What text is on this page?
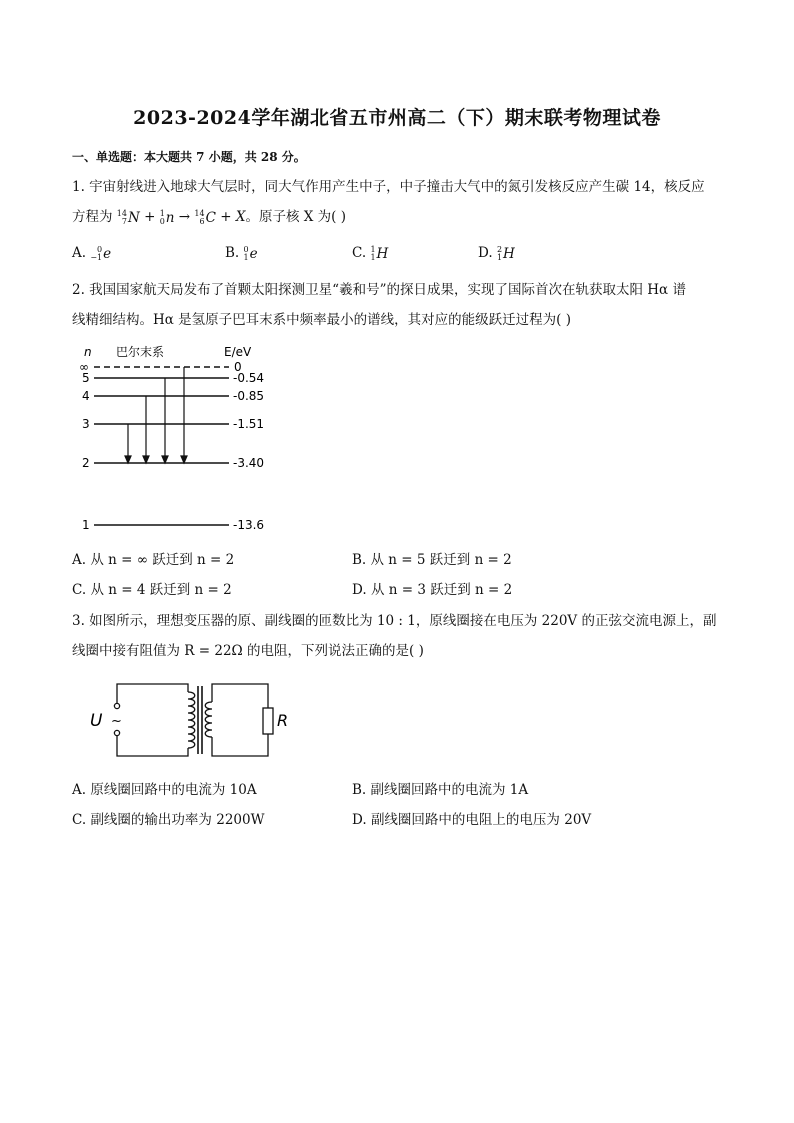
2023-2024学年湖北省五市州高二（下）期末联考物理试卷
一、单选题：本大题共 7 小题，共 28 分。
1. 宇宙射线进入地球大气层时，同大气作用产生中子，中子撞击大气中的氮引发核反应产生碳 14，核反应
方程为 14
7 N + 1
0 n → 14
6 C + X。原子核 X 为( )
A.	0
−1 e	B. 0
1 e	C. 1
1 H	D. 2
1 H
2. 我国国家航天局发布了首颗太阳探测卫星“羲和号”的探日成果，实现了国际首次在轨获取太阳 Hα 谱
线精细结构。Hα 是氢原子巴耳末系中频率最小的谱线，其对应的能级跃迁过程为( )
n 巴尔末系	E/eV
∞	0
5	-0.54
4	-0.85
3	-1.51
2	-3.40
1	-13.6
A. 从 n = ∞ 跃迁到 n = 2	B. 从 n = 5 跃迁到 n = 2
C. 从 n = 4 跃迁到 n = 2	D. 从 n = 3 跃迁到 n = 2
3. 如图所示，理想变压器的原、副线圈的匝数比为 10 : 1，原线圈接在电压为 220V 的正弦交流电源上，副
线圈中接有阻值为 R = 22Ω 的电阻，下列说法正确的是( )
U ~	R
A. 原线圈回路中的电流为 10A	B. 副线圈回路中的电流为 1A
C. 副线圈的输出功率为 2200W	D. 副线圈回路中的电阻上的电压为 20V
